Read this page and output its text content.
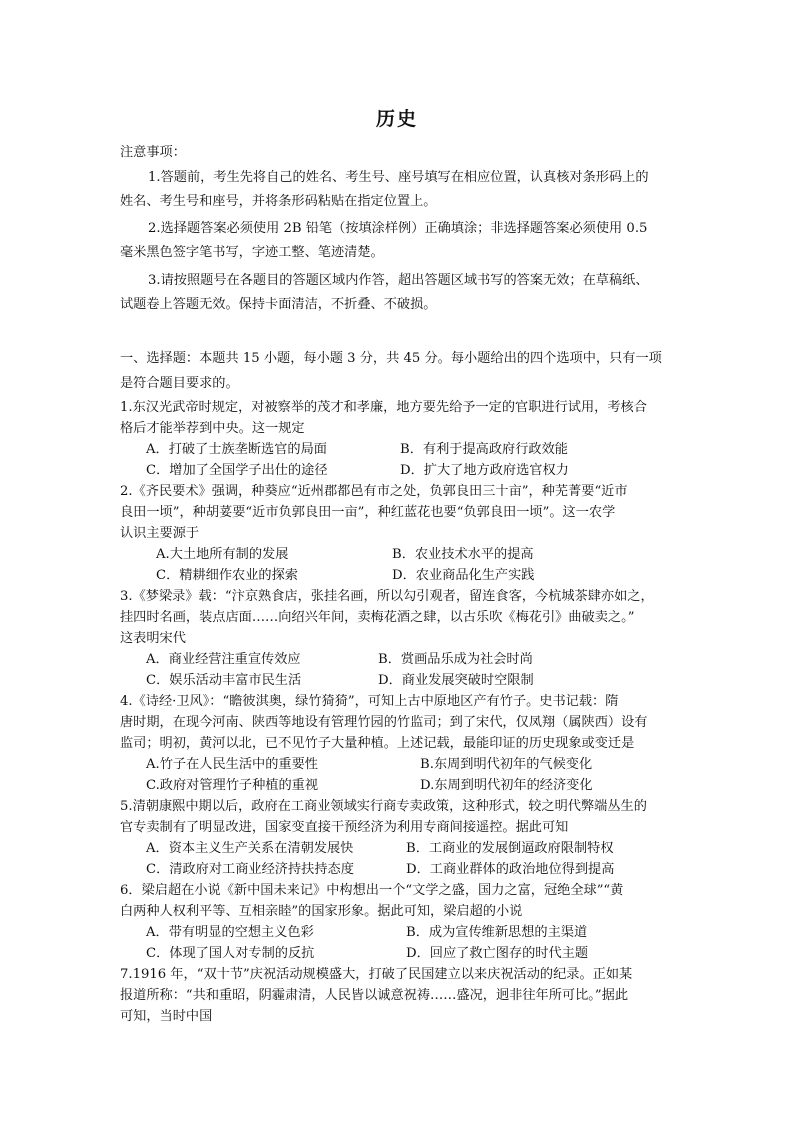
历史
注意事项：
1.答题前，考生先将自己的姓名、考生号、座号填写在相应位置，认真核对条形码上的
姓名、考生号和座号，并将条形码粘贴在指定位置上。
2.选择题答案必须使用 2B 铅笔（按填涂样例）正确填涂；非选择题答案必须使用 0.5
毫米黑色签字笔书写，字迹工整、笔迹清楚。
3.请按照题号在各题目的答题区域内作答，超出答题区域书写的答案无效；在草稿纸、
试题卷上答题无效。保持卡面清洁，不折叠、不破损。
一、选择题：本题共 15 小题，每小题 3 分，共 45 分。每小题给出的四个选项中，只有一项
是符合题目要求的。
1.东汉光武帝时规定，对被察举的茂才和孝廉，地方要先给予一定的官职进行试用，考核合
格后才能举荐到中央。这一规定
A．打破了士族垄断选官的局面	B．有利于提高政府行政效能
C．增加了全国学子出仕的途径	D．扩大了地方政府选官权力
2.《齐民要术》强调，种葵应“近州郡都邑有市之处，负郭良田三十亩”，种芜菁要“近市
良田一顷”，种胡荽要“近市负郭良田一亩”，种红蓝花也要“负郭良田一顷”。这一农学
认识主要源于
A.大土地所有制的发展	B．农业技术水平的提高
C．精耕细作农业的探索	D．农业商品化生产实践
3.《梦梁录》载：“汴京熟食店，张挂名画，所以勾引观者，留连食客，今杭城茶肆亦如之，
挂四时名画，装点店面……向绍兴年间，卖梅花酒之肆，以古乐吹《梅花引》曲破卖之。”
这表明宋代
A．商业经营注重宣传效应	B．赏画品乐成为社会时尚
C．娱乐活动丰富市民生活	D．商业发展突破时空限制
4.《诗经·卫风》：“瞻彼淇奥，绿竹猗猗”，可知上古中原地区产有竹子。史书记载：隋
唐时期，在现今河南、陕西等地设有管理竹园的竹监司；到了宋代，仅凤翔（属陕西）设有
监司；明初，黄河以北，已不见竹子大量种植。上述记载，最能印证的历史现象或变迁是
A.竹子在人民生活中的重要性	B.东周到明代初年的气候变化
C.政府对管理竹子种植的重视	D.东周到明代初年的经济变化
5.清朝康熙中期以后，政府在工商业领域实行商专卖政策，这种形式，较之明代弊端丛生的
官专卖制有了明显改进，国家变直接干预经济为利用专商间接遥控。据此可知
A．资本主义生产关系在清朝发展快	B．工商业的发展倒逼政府限制特权
C．清政府对工商业经济持扶持态度	D．工商业群体的政治地位得到提高
6．梁启超在小说《新中国未来记》中构想出一个“文学之盛，国力之富，冠绝全球”“黄
白两种人权利平等、互相亲睦”的国家形象。据此可知，梁启超的小说
A．带有明显的空想主义色彩	B．成为宣传维新思想的主渠道
C．体现了国人对专制的反抗	D．回应了救亡图存的时代主题
7.1916 年，“双十节”庆祝活动规模盛大，打破了民国建立以来庆祝活动的纪录。正如某
报道所称：“共和重昭，阴霾肃清，人民皆以诚意祝祷……盛况，迥非往年所可比。”据此
可知，当时中国
